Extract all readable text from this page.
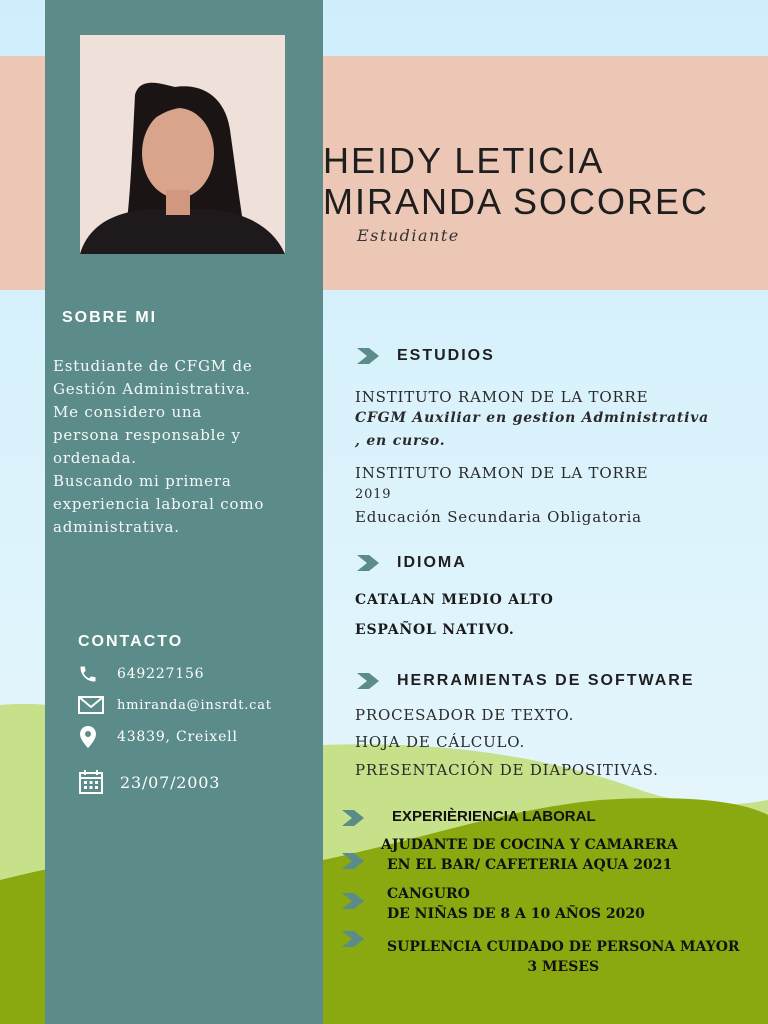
HEIDY LETICIA
MIRANDA SOCOREC
Estudiante
SOBRE MI
Estudiante de CFGM de
Gestión Administrativa.
Me considero una
persona responsable y
ordenada.
Buscando mi primera
experiencia laboral como
administrativa.
CONTACTO
649227156
hmiranda@insrdt.cat
43839, Creixell
23/07/2003
ESTUDIOS
INSTITUTO RAMON DE LA TORRE
CFGM Auxiliar en gestion Administrativa
, en curso.
INSTITUTO RAMON DE LA TORRE
2019
Educación Secundaria Obligatoria
IDIOMA
CATALAN MEDIO ALTO
ESPAÑOL NATIVO.
HERRAMIENTAS DE SOFTWARE
PROCESADOR DE TEXTO.
HOJA DE CÁLCULO.
PRESENTACIÓN DE DIAPOSITIVAS.
EXPERIÈRIENCIA LABORAL
AJUDANTE DE COCINA Y CAMARERA
EN EL BAR/ CAFETERIA AQUA 2021
CANGURO
DE NIÑAS DE 8 A 10 AÑOS 2020
SUPLENCIA CUIDADO DE PERSONA MAYOR
3 MESES
